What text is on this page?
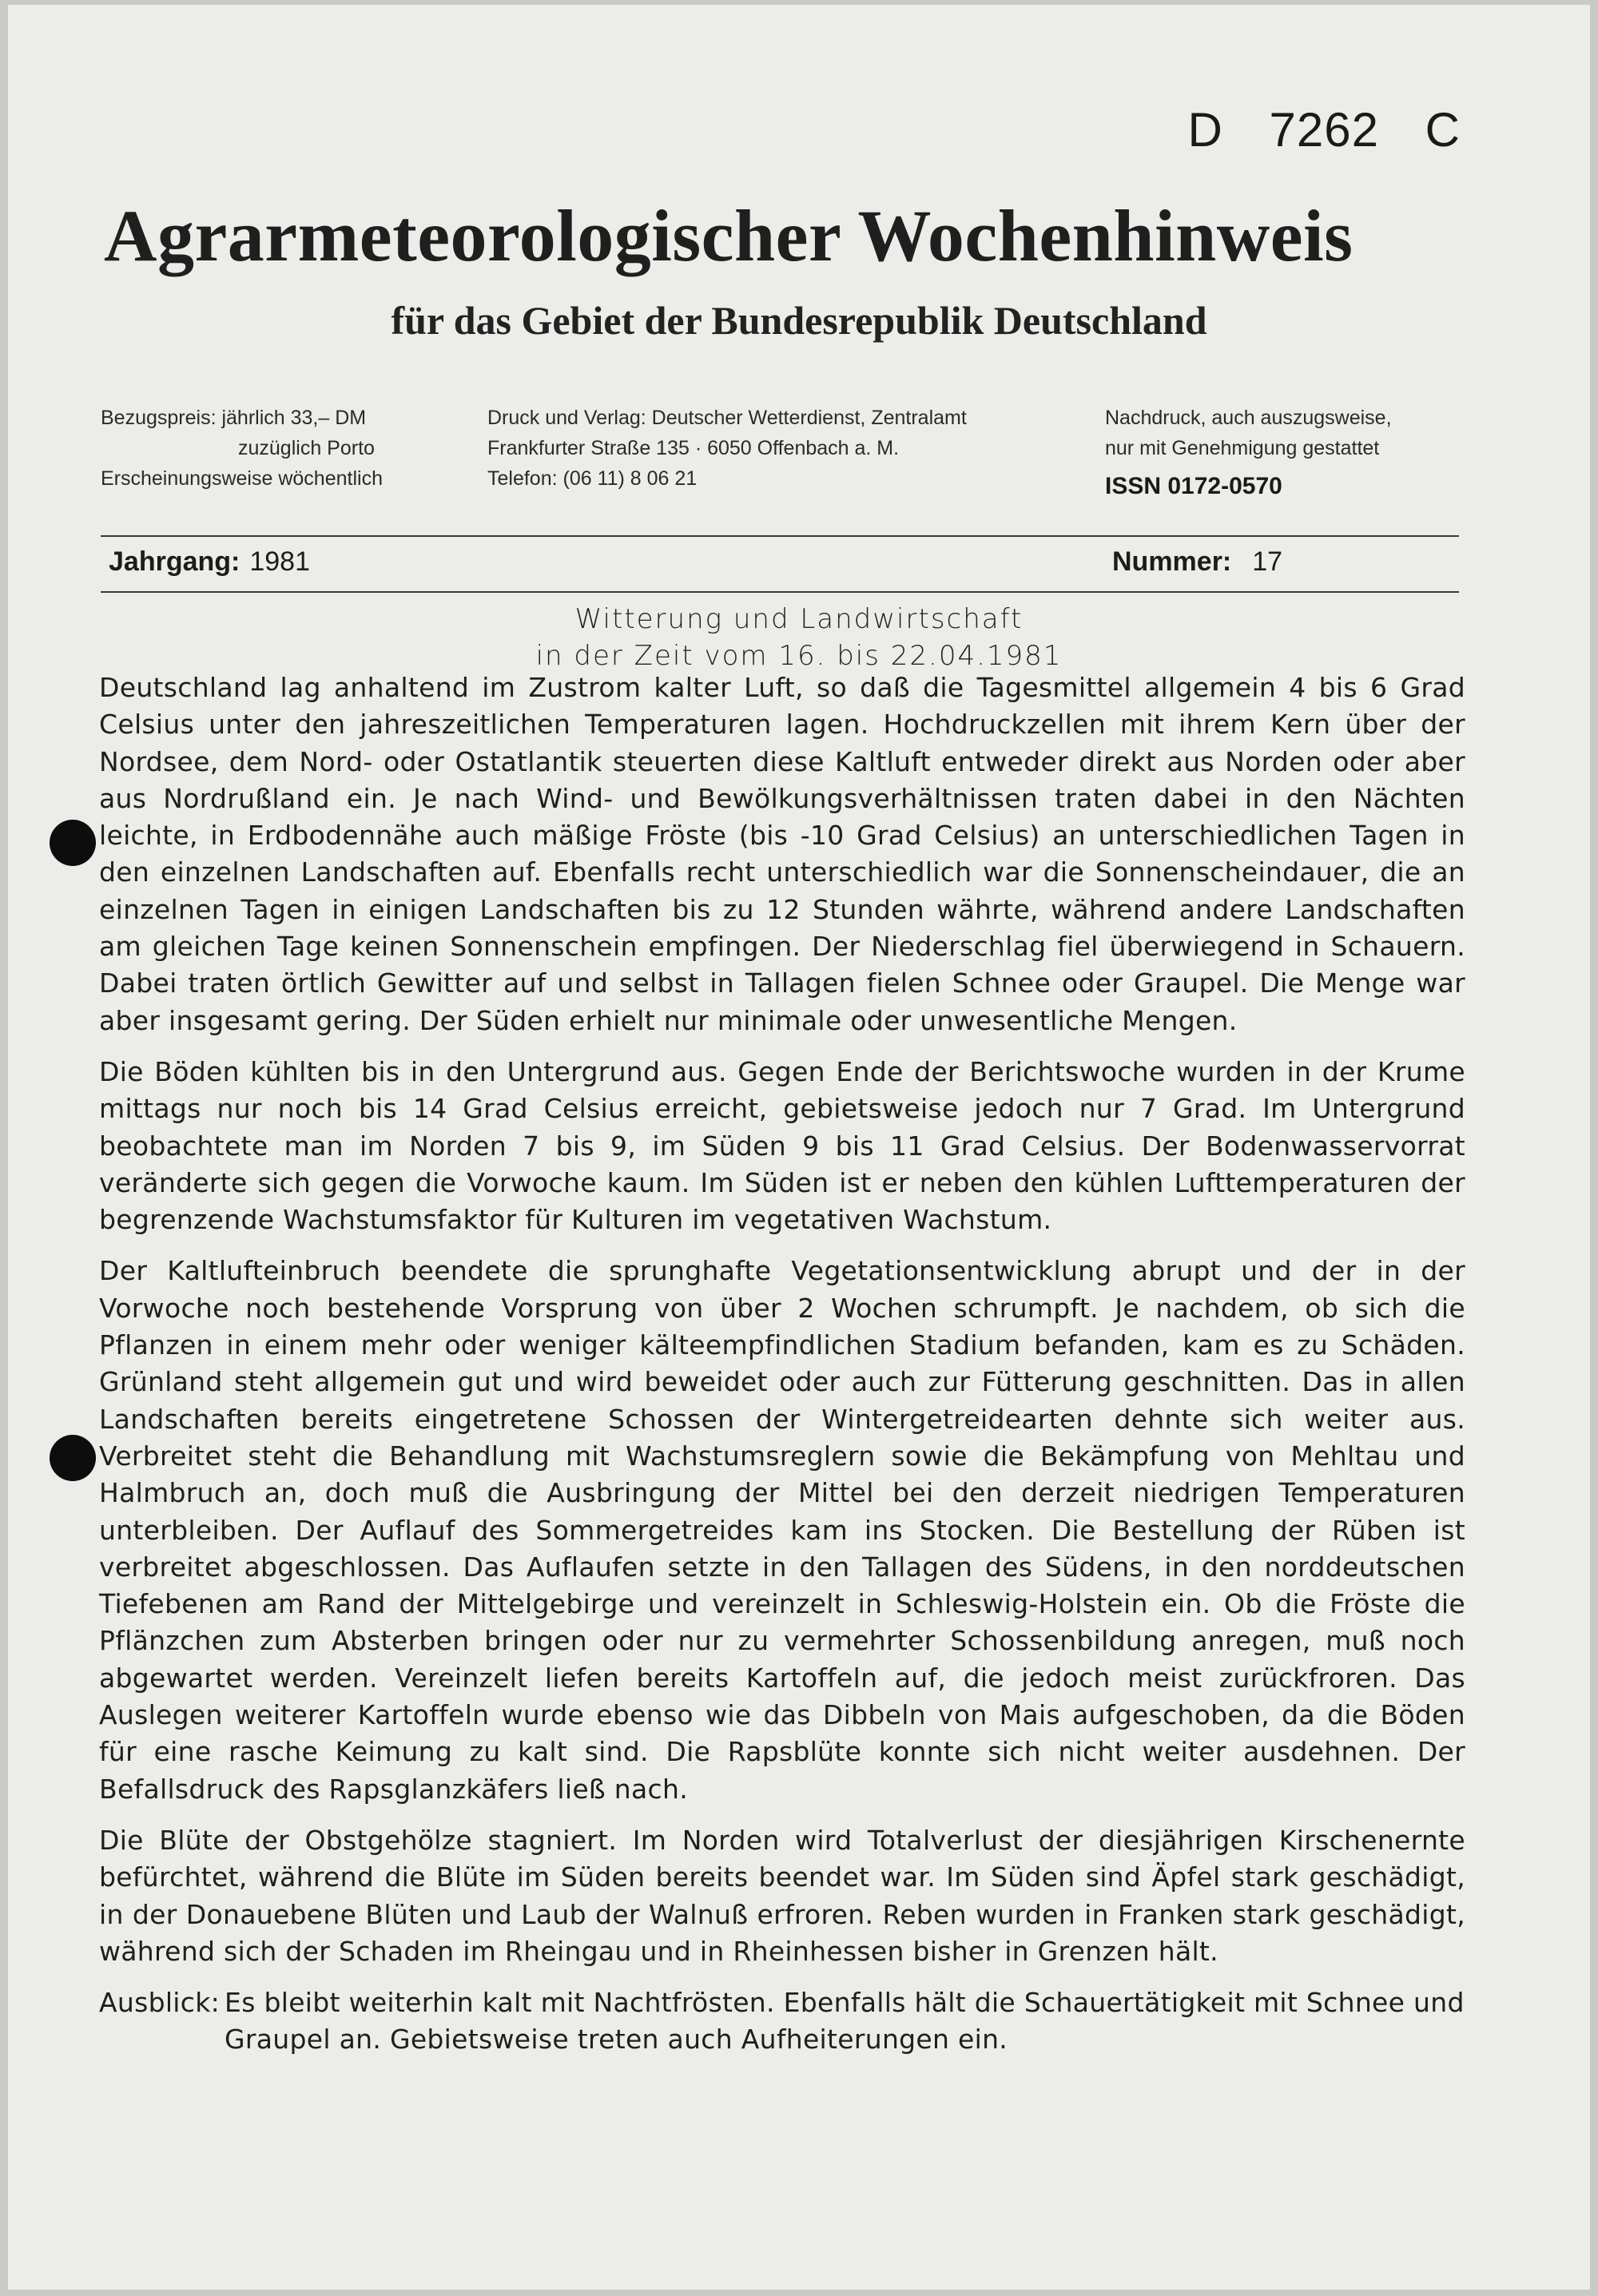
D 7262 C
Agrarmeteorologischer Wochenhinweis
für das Gebiet der Bundesrepublik Deutschland
Bezugspreis: jährlich 33,– DM
zuzüglich Porto
Erscheinungsweise wöchentlich
Druck und Verlag: Deutscher Wetterdienst, Zentralamt
Frankfurter Straße 135 · 6050 Offenbach a. M.
Telefon: (06 11) 8 06 21
Nachdruck, auch auszugsweise,
nur mit Genehmigung gestattet
ISSN 0172-0570
Jahrgang: 1981	Nummer: 17
Witterung und Landwirtschaft
in der Zeit vom 16. bis 22.04.1981

Deutschland lag anhaltend im Zustrom kalter Luft, so daß die Tagesmittel allgemein 4 bis 6 Grad Celsius unter den jahreszeitlichen Temperaturen lagen. Hochdruckzellen mit ihrem Kern über der Nordsee, dem Nord- oder Ostatlantik steuerten diese Kaltluft entweder direkt aus Norden oder aber aus Nordrußland ein. Je nach Wind- und Bewölkungsverhältnissen traten dabei in den Nächten leichte, in Erdbodennähe auch mäßige Fröste (bis -10 Grad Celsius) an unterschiedlichen Tagen in den einzelnen Landschaften auf. Ebenfalls recht unterschiedlich war die Sonnenscheindauer, die an einzelnen Tagen in einigen Landschaften bis zu 12 Stunden währte, während andere Landschaften am gleichen Tage keinen Sonnenschein empfingen. Der Niederschlag fiel überwiegend in Schauern. Dabei traten örtlich Gewitter auf und selbst in Tallagen fielen Schnee oder Graupel. Die Menge war aber insgesamt gering. Der Süden erhielt nur minimale oder unwesentliche Mengen.

Die Böden kühlten bis in den Untergrund aus. Gegen Ende der Berichtswoche wurden in der Krume mittags nur noch bis 14 Grad Celsius erreicht, gebietsweise jedoch nur 7 Grad. Im Untergrund beobachtete man im Norden 7 bis 9, im Süden 9 bis 11 Grad Celsius. Der Bodenwasservorrat veränderte sich gegen die Vorwoche kaum. Im Süden ist er neben den kühlen Lufttemperaturen der begrenzende Wachstumsfaktor für Kulturen im vegetativen Wachstum.

Der Kaltlufteinbruch beendete die sprunghafte Vegetationsentwicklung abrupt und der in der Vorwoche noch bestehende Vorsprung von über 2 Wochen schrumpft. Je nachdem, ob sich die Pflanzen in einem mehr oder weniger kälteempfindlichen Stadium befanden, kam es zu Schäden. Grünland steht allgemein gut und wird beweidet oder auch zur Fütterung geschnitten. Das in allen Landschaften bereits eingetretene Schossen der Wintergetreidearten dehnte sich weiter aus. Verbreitet steht die Behandlung mit Wachstumsreglern sowie die Bekämpfung von Mehltau und Halmbruch an, doch muß die Ausbringung der Mittel bei den derzeit niedrigen Temperaturen unterbleiben. Der Auflauf des Sommergetreides kam ins Stocken. Die Bestellung der Rüben ist verbreitet abgeschlossen. Das Auflaufen setzte in den Tallagen des Südens, in den norddeutschen Tiefebenen am Rand der Mittelgebirge und vereinzelt in Schleswig-Holstein ein. Ob die Fröste die Pflänzchen zum Absterben bringen oder nur zu vermehrter Schossenbildung anregen, muß noch abgewartet werden. Vereinzelt liefen bereits Kartoffeln auf, die jedoch meist zurückfroren. Das Auslegen weiterer Kartoffeln wurde ebenso wie das Dibbeln von Mais aufgeschoben, da die Böden für eine rasche Keimung zu kalt sind. Die Rapsblüte konnte sich nicht weiter ausdehnen. Der Befallsdruck des Rapsglanzkäfers ließ nach.

Die Blüte der Obstgehölze stagniert. Im Norden wird Totalverlust der diesjährigen Kirschenernte befürchtet, während die Blüte im Süden bereits beendet war. Im Süden sind Äpfel stark geschädigt, in der Donauebene Blüten und Laub der Walnuß erfroren. Reben wurden in Franken stark geschädigt, während sich der Schaden im Rheingau und in Rheinhessen bisher in Grenzen hält.

Ausblick: Es bleibt weiterhin kalt mit Nachtfrösten. Ebenfalls hält die Schauertätigkeit mit Schnee und Graupel an. Gebietsweise treten auch Aufheiterungen ein.
